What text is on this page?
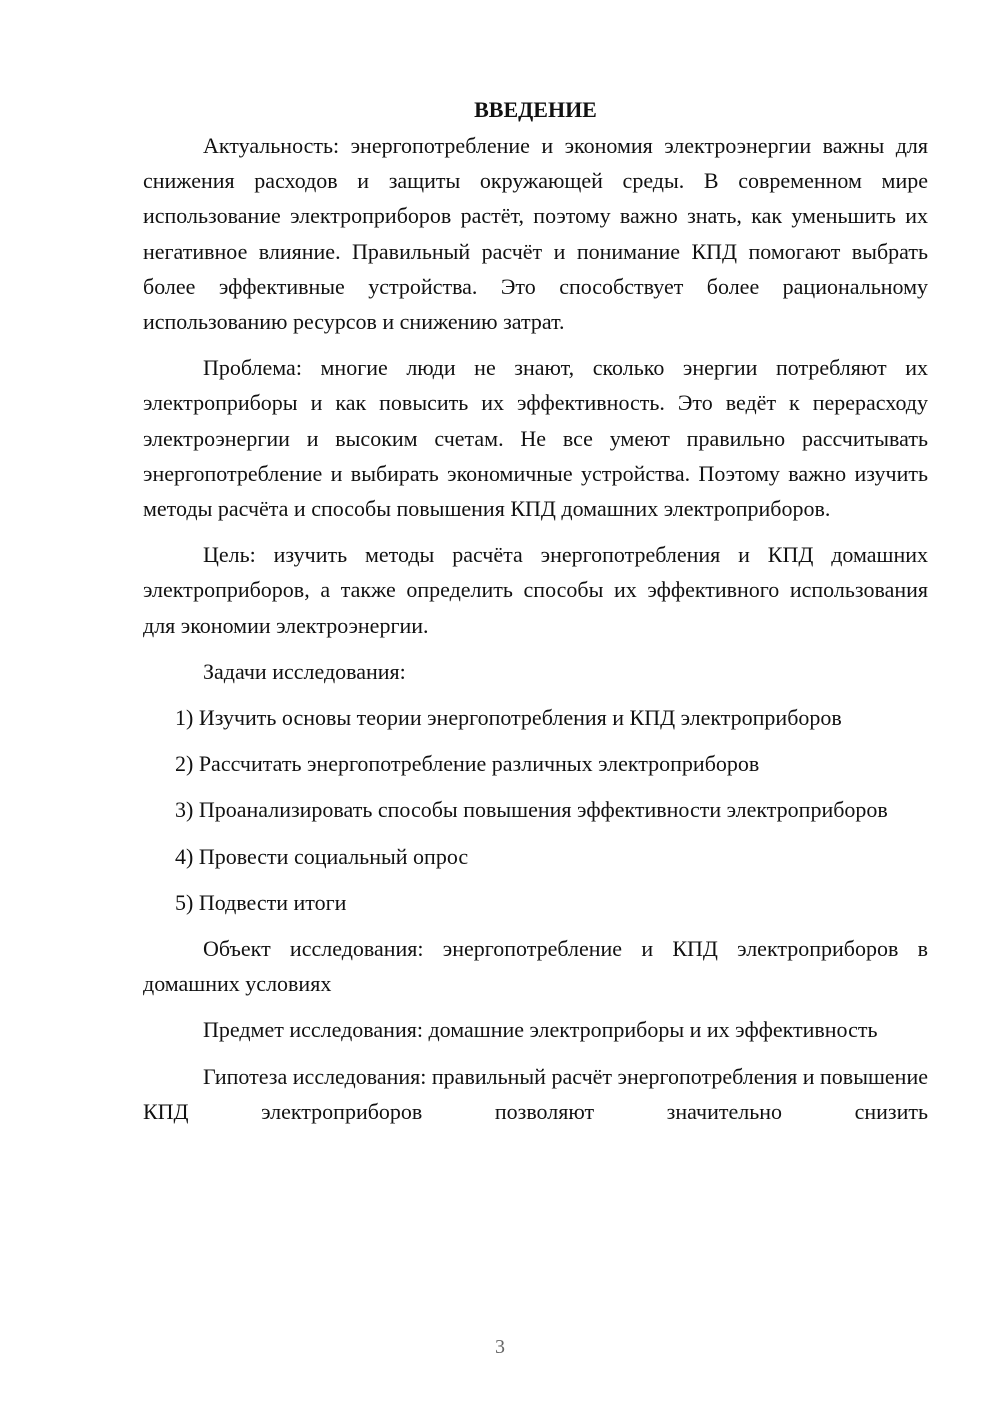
ВВЕДЕНИЕ

Актуальность: энергопотребление и экономия электроэнергии важны для снижения расходов и защиты окружающей среды. В современном мире использование электроприборов растёт, поэтому важно знать, как уменьшить их негативное влияние. Правильный расчёт и понимание КПД помогают выбрать более эффективные устройства. Это способствует более рациональному использованию ресурсов и снижению затрат.

Проблема: многие люди не знают, сколько энергии потребляют их электроприборы и как повысить их эффективность. Это ведёт к перерасходу электроэнергии и высоким счетам. Не все умеют правильно рассчитывать энергопотребление и выбирать экономичные устройства. Поэтому важно изучить методы расчёта и способы повышения КПД домашних электроприборов.

Цель: изучить методы расчёта энергопотребления и КПД домашних электроприборов, а также определить способы их эффективного использования для экономии электроэнергии.

Задачи исследования:

1) Изучить основы теории энергопотребления и КПД электроприборов

2) Рассчитать энергопотребление различных электроприборов

3) Проанализировать способы повышения эффективности электроприборов

4) Провести социальный опрос

5) Подвести итоги

Объект исследования: энергопотребление и КПД электроприборов в домашних условиях

Предмет исследования: домашние электроприборы и их эффективность

Гипотеза исследования: правильный расчёт энергопотребления и повышение КПД электроприборов позволяют значительно снизить

3
